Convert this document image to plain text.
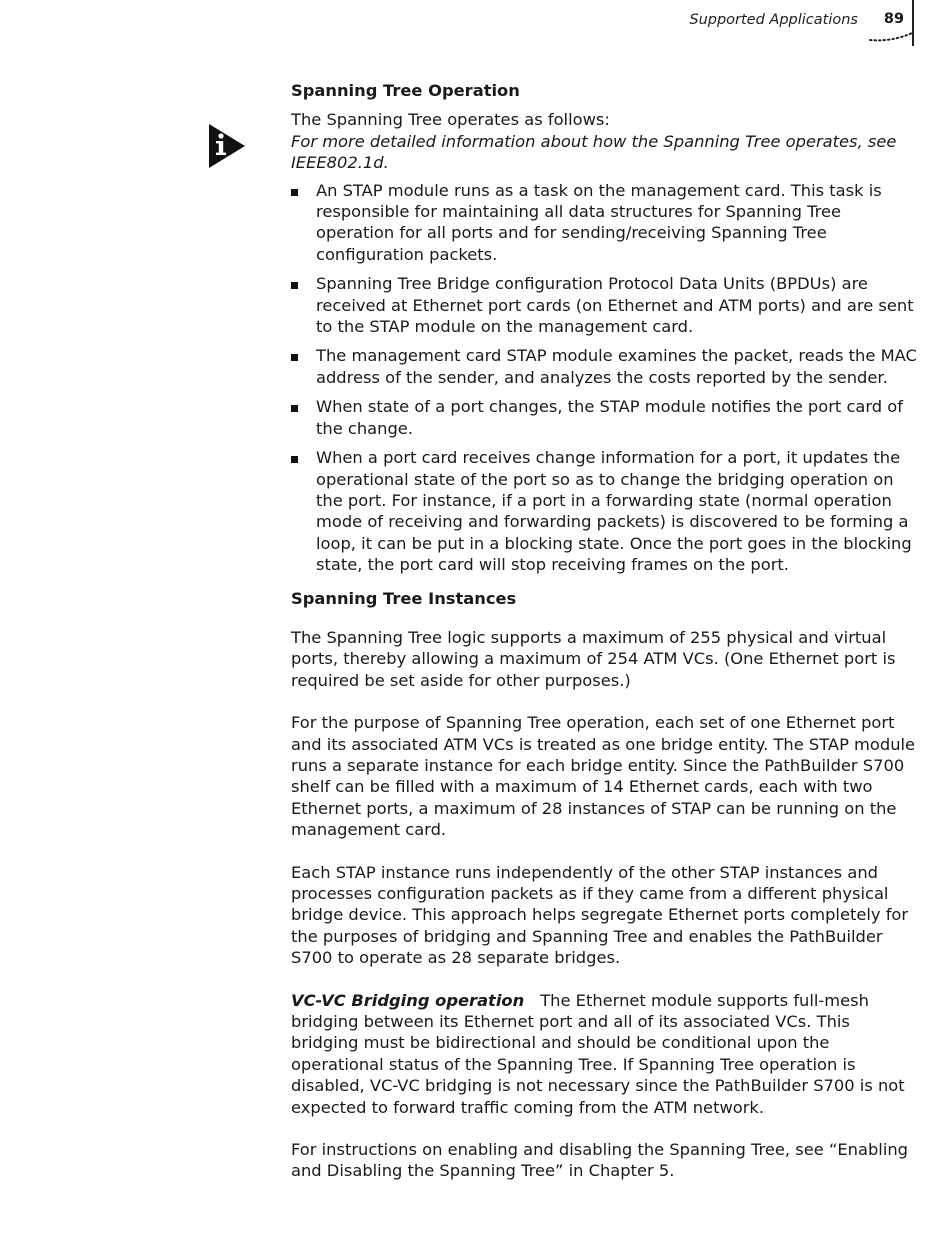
Supported Applications	89
Spanning Tree Operation

The Spanning Tree operates as follows:

For more detailed information about how the Spanning Tree operates, see IEEE802.1d.

An STAP module runs as a task on the management card. This task is responsible for maintaining all data structures for Spanning Tree operation for all ports and for sending/receiving Spanning Tree configuration packets.
Spanning Tree Bridge configuration Protocol Data Units (BPDUs) are received at Ethernet port cards (on Ethernet and ATM ports) and are sent to the STAP module on the management card.
The management card STAP module examines the packet, reads the MAC address of the sender, and analyzes the costs reported by the sender.
When state of a port changes, the STAP module notifies the port card of the change.
When a port card receives change information for a port, it updates the operational state of the port so as to change the bridging operation on the port. For instance, if a port in a forwarding state (normal operation mode of receiving and forwarding packets) is discovered to be forming a loop, it can be put in a blocking state. Once the port goes in the blocking state, the port card will stop receiving frames on the port.
Spanning Tree Instances

The Spanning Tree logic supports a maximum of 255 physical and virtual ports, thereby allowing a maximum of 254 ATM VCs. (One Ethernet port is required be set aside for other purposes.)

For the purpose of Spanning Tree operation, each set of one Ethernet port and its associated ATM VCs is treated as one bridge entity. The STAP module runs a separate instance for each bridge entity. Since the PathBuilder S700 shelf can be filled with a maximum of 14 Ethernet cards, each with two Ethernet ports, a maximum of 28 instances of STAP can be running on the management card.

Each STAP instance runs independently of the other STAP instances and processes configuration packets as if they came from a different physical bridge device. This approach helps segregate Ethernet ports completely for the purposes of bridging and Spanning Tree and enables the PathBuilder S700 to operate as 28 separate bridges.

VC-VC Bridging operation The Ethernet module supports full-mesh bridging between its Ethernet port and all of its associated VCs. This bridging must be bidirectional and should be conditional upon the operational status of the Spanning Tree. If Spanning Tree operation is disabled, VC-VC bridging is not necessary since the PathBuilder S700 is not expected to forward traffic coming from the ATM network.

For instructions on enabling and disabling the Spanning Tree, see “Enabling and Disabling the Spanning Tree” in Chapter 5.
